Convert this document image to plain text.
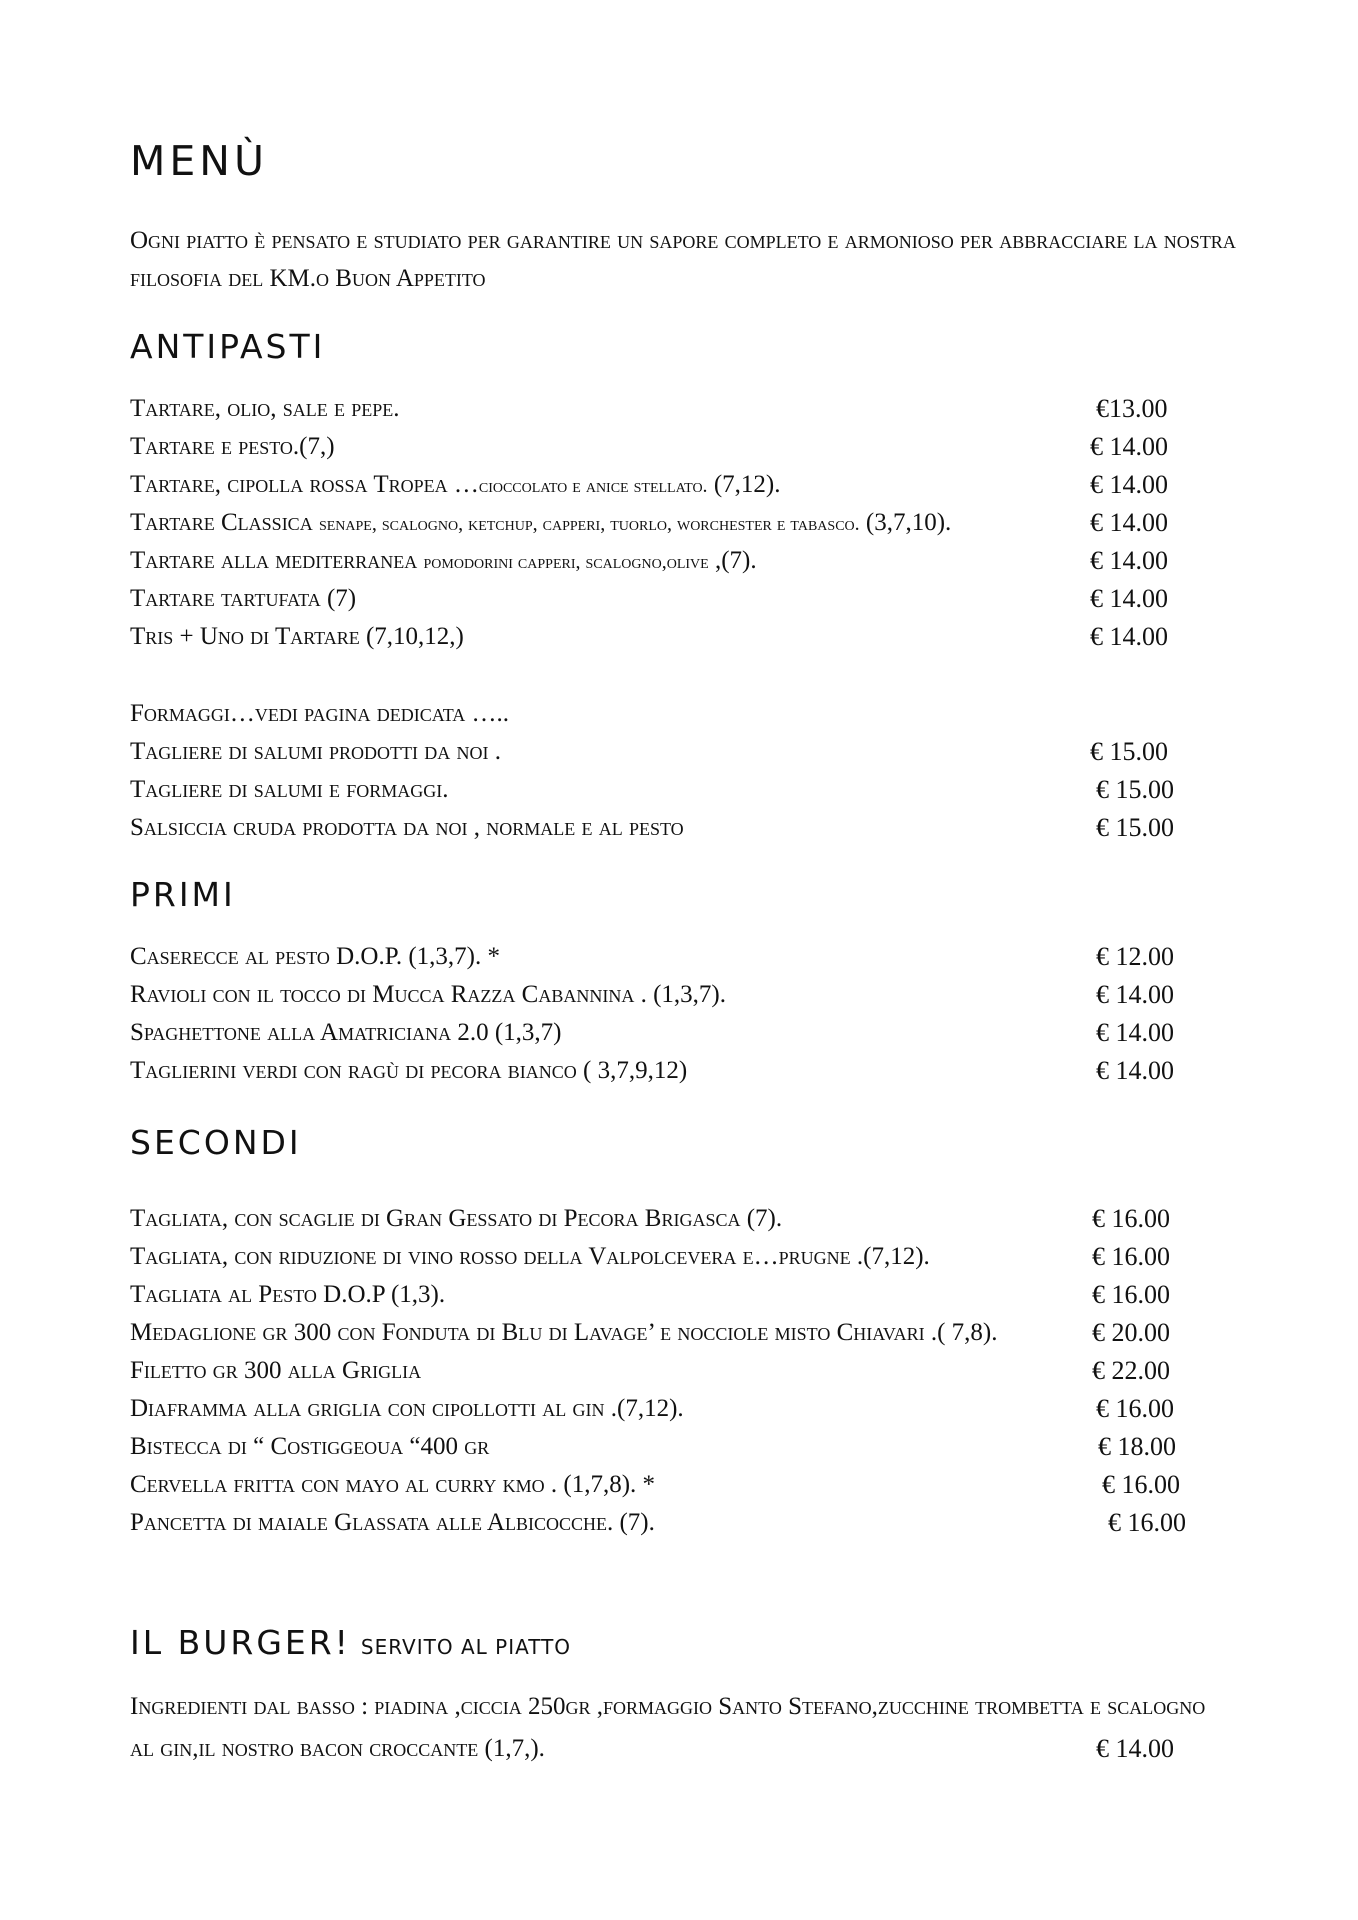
menù

Ogni piatto è pensato e studiato per garantire un sapore completo e armonioso per abbracciare la nostra filosofia del KM.o Buon Appetito

ANTIPASTI
Tartare, olio, sale e pepe.	€13.00
Tartare e pesto.(7,)	€ 14.00
Tartare, cipolla rossa Tropea …cioccolato e anice stellato. (7,12).	€ 14.00
Tartare Classica senape, scalogno, ketchup, capperi, tuorlo, worchester e tabasco. (3,7,10).	€ 14.00
Tartare alla mediterranea pomodorini capperi, scalogno,olive ,(7).	€ 14.00
Tartare tartufata (7)	€ 14.00
Tris + Uno di Tartare (7,10,12,)	€ 14.00
Formaggi…vedi pagina dedicata …..
Tagliere di salumi prodotti da noi .	€ 15.00
Tagliere di salumi e formaggi.	€ 15.00
Salsiccia cruda prodotta da noi , normale e al pesto	€ 15.00
PRIMI
Caserecce al pesto D.O.P. (1,3,7). *	€ 12.00
Ravioli con il tocco di Mucca Razza Cabannina . (1,3,7).	€ 14.00
Spaghettone alla Amatriciana 2.0 (1,3,7)	€ 14.00
Taglierini verdi con ragù di pecora bianco ( 3,7,9,12)	€ 14.00
SECONDI
Tagliata, con scaglie di Gran Gessato di Pecora Brigasca (7).	€ 16.00
Tagliata, con riduzione di vino rosso della Valpolcevera e…prugne .(7,12).	€ 16.00
Tagliata al Pesto D.O.P (1,3).	€ 16.00
Medaglione gr 300 con Fonduta di Blu di Lavage’ e nocciole misto Chiavari .( 7,8).	€ 20.00
Filetto gr 300 alla Griglia	€ 22.00
Diaframma alla griglia con cipollotti al gin .(7,12).	€ 16.00
Bistecca di “ Costiggeoua “400 gr	€ 18.00
Cervella fritta con mayo al curry kmo . (1,7,8). *	€ 16.00
Pancetta di maiale Glassata alle Albicocche. (7).	€ 16.00
IL BURGER! SERVITO AL PIATTO

Ingredienti dal basso : piadina ,ciccia 250gr ,formaggio Santo Stefano,zucchine trombetta e scalogno al gin,il nostro bacon croccante (1,7,).	€ 14.00
